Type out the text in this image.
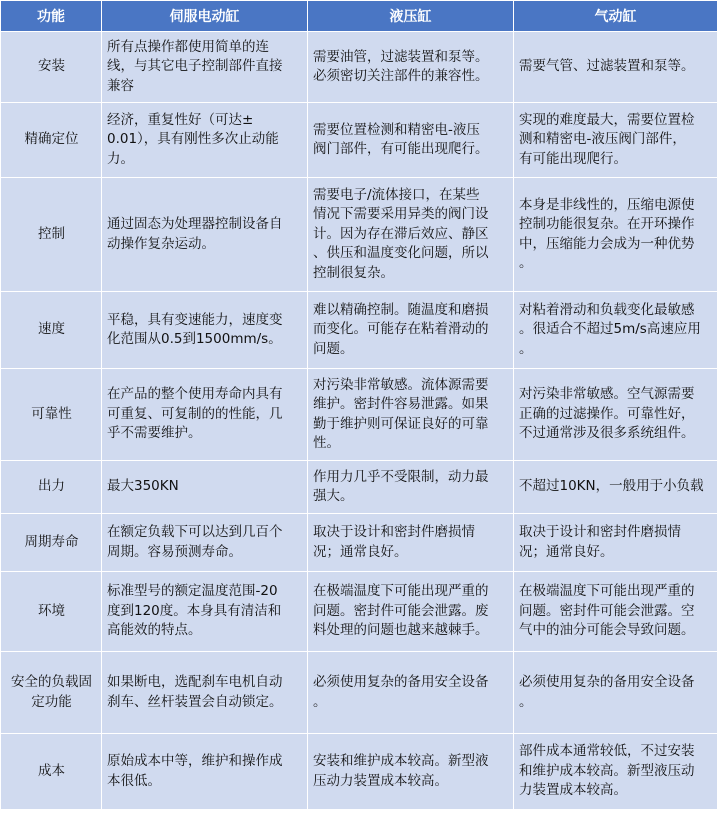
功能	伺服电动缸	液压缸	气动缸

安装	所有点操作都使用简单的连
线，与其它电子控制部件直接
兼容	需要油管，过滤装置和泵等。
必须密切关注部件的兼容性。	需要气管、过滤装置和泵等。

精确定位	经济，重复性好（可达±
0.01），具有刚性多次止动能
力。	需要位置检测和精密电-液压
阀门部件，有可能出现爬行。	实现的难度最大，需要位置检
测和精密电-液压阀门部件，
有可能出现爬行。

控制	通过固态为处理器控制设备自
动操作复杂运动。	需要电子/流体接口，在某些
情况下需要采用异类的阀门设
计。因为存在滞后效应、静区
、供压和温度变化问题，所以
控制很复杂。	本身是非线性的，压缩电源使
控制功能很复杂。在开环操作
中，压缩能力会成为一种优势
。

速度	平稳，具有变速能力，速度变
化范围从0.5到1500mm/s。	难以精确控制。随温度和磨损
而变化。可能存在粘着滑动的
问题。	对粘着滑动和负载变化最敏感
。很适合不超过5m/s高速应用
。

可靠性	在产品的整个使用寿命内具有
可重复、可复制的的性能，几
乎不需要维护。	对污染非常敏感。流体源需要
维护。密封件容易泄露。如果
勤于维护则可保证良好的可靠
性。	对污染非常敏感。空气源需要
正确的过滤操作。可靠性好，
不过通常涉及很多系统组件。

出力	最大350KN	作用力几乎不受限制，动力最
强大。	不超过10KN，一般用于小负载

周期寿命	在额定负载下可以达到几百个
周期。容易预测寿命。	取决于设计和密封件磨损情
况；通常良好。	取决于设计和密封件磨损情
况；通常良好。

环境	标准型号的额定温度范围-20
度到120度。本身具有清洁和
高能效的特点。	在极端温度下可能出现严重的
问题。密封件可能会泄露。废
料处理的问题也越来越棘手。	在极端温度下可能出现严重的
问题。密封件可能会泄露。空
气中的油分可能会导致问题。

安全的负载固
定功能	如果断电，选配刹车电机自动
刹车、丝杆装置会自动锁定。	必须使用复杂的备用安全设备
。	必须使用复杂的备用安全设备
。

成本	原始成本中等，维护和操作成
本很低。	安装和维护成本较高。新型液
压动力装置成本较高。	部件成本通常较低，不过安装
和维护成本较高。新型液压动
力装置成本较高。
